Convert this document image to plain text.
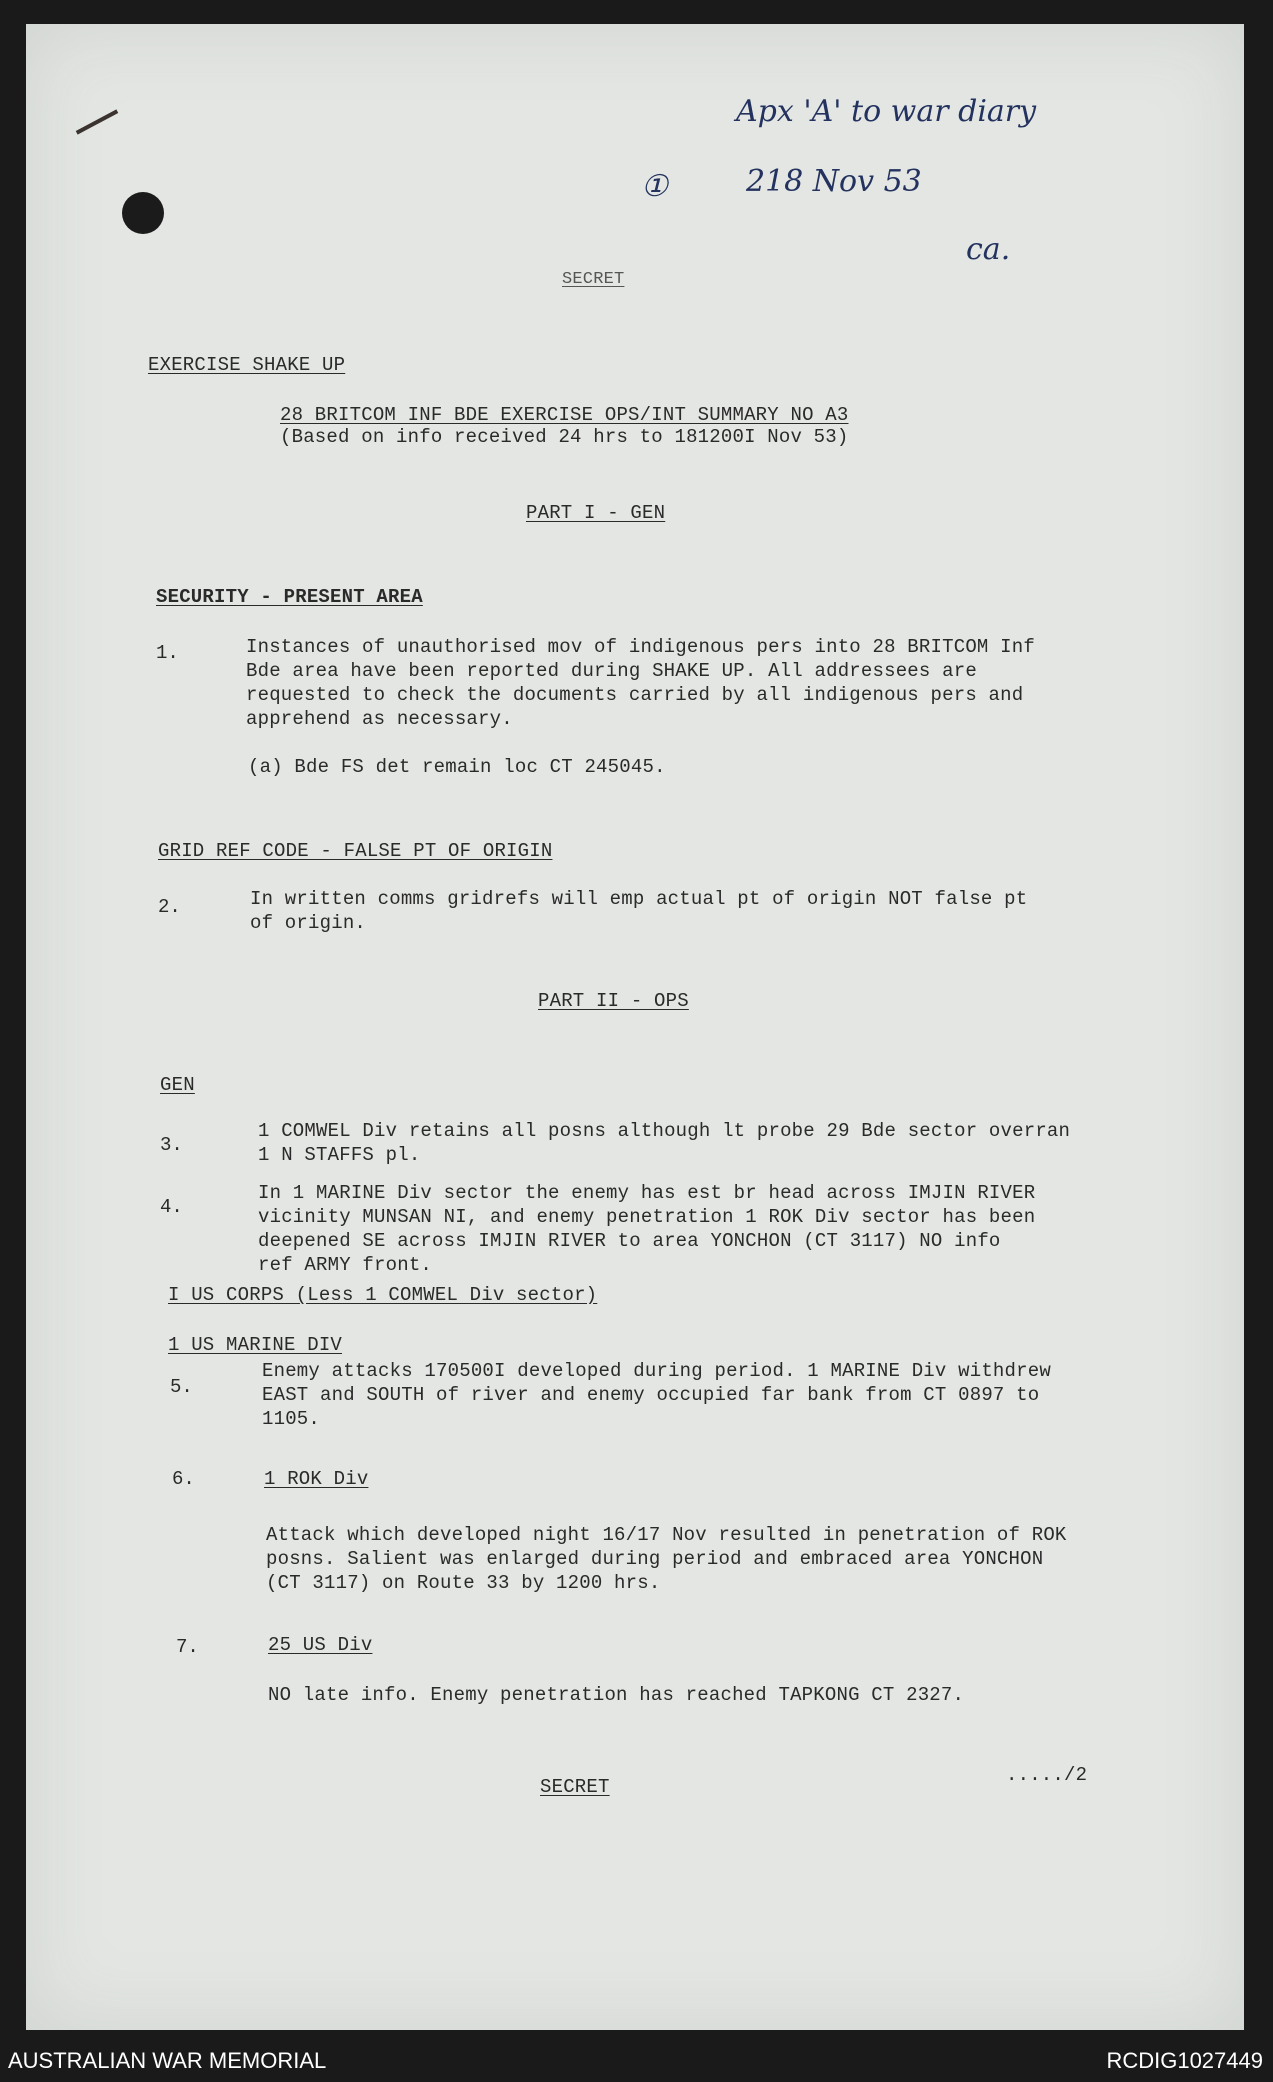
Apx 'A' to war diary
①	218 Nov 53
ca.
SECRET
EXERCISE SHAKE UP
28 BRITCOM INF BDE EXERCISE OPS/INT SUMMARY NO A3
(Based on info received 24 hrs to 181200I Nov 53)
PART I - GEN
SECURITY - PRESENT AREA
1.	Instances of unauthorised mov of indigenous pers into 28 BRITCOM Inf
Bde area have been reported during SHAKE UP. All addressees are
requested to check the documents carried by all indigenous pers and
apprehend as necessary.
(a) Bde FS det remain loc CT 245045.
GRID REF CODE - FALSE PT OF ORIGIN
2.	In written comms gridrefs will emp actual pt of origin NOT false pt
of origin.
PART II - OPS
GEN
3.
1 COMWEL Div retains all posns although lt probe 29 Bde sector overran
1 N STAFFS pl.
4.
In 1 MARINE Div sector the enemy has est br head across IMJIN RIVER
vicinity MUNSAN NI, and enemy penetration 1 ROK Div sector has been
deepened SE across IMJIN RIVER to area YONCHON (CT 3117) NO info
ref ARMY front.
I US CORPS (Less 1 COMWEL Div sector)
1 US MARINE DIV
5.
Enemy attacks 170500I developed during period. 1 MARINE Div withdrew
EAST and SOUTH of river and enemy occupied far bank from CT 0897 to
1105.
6.	1 ROK Div
Attack which developed night 16/17 Nov resulted in penetration of ROK
posns. Salient was enlarged during period and embraced area YONCHON
(CT 3117) on Route 33 by 1200 hrs.
7.	25 US Div
NO late info. Enemy penetration has reached TAPKONG CT 2327.
SECRET
...../2
AUSTRALIAN WAR MEMORIAL	RCDIG1027449
